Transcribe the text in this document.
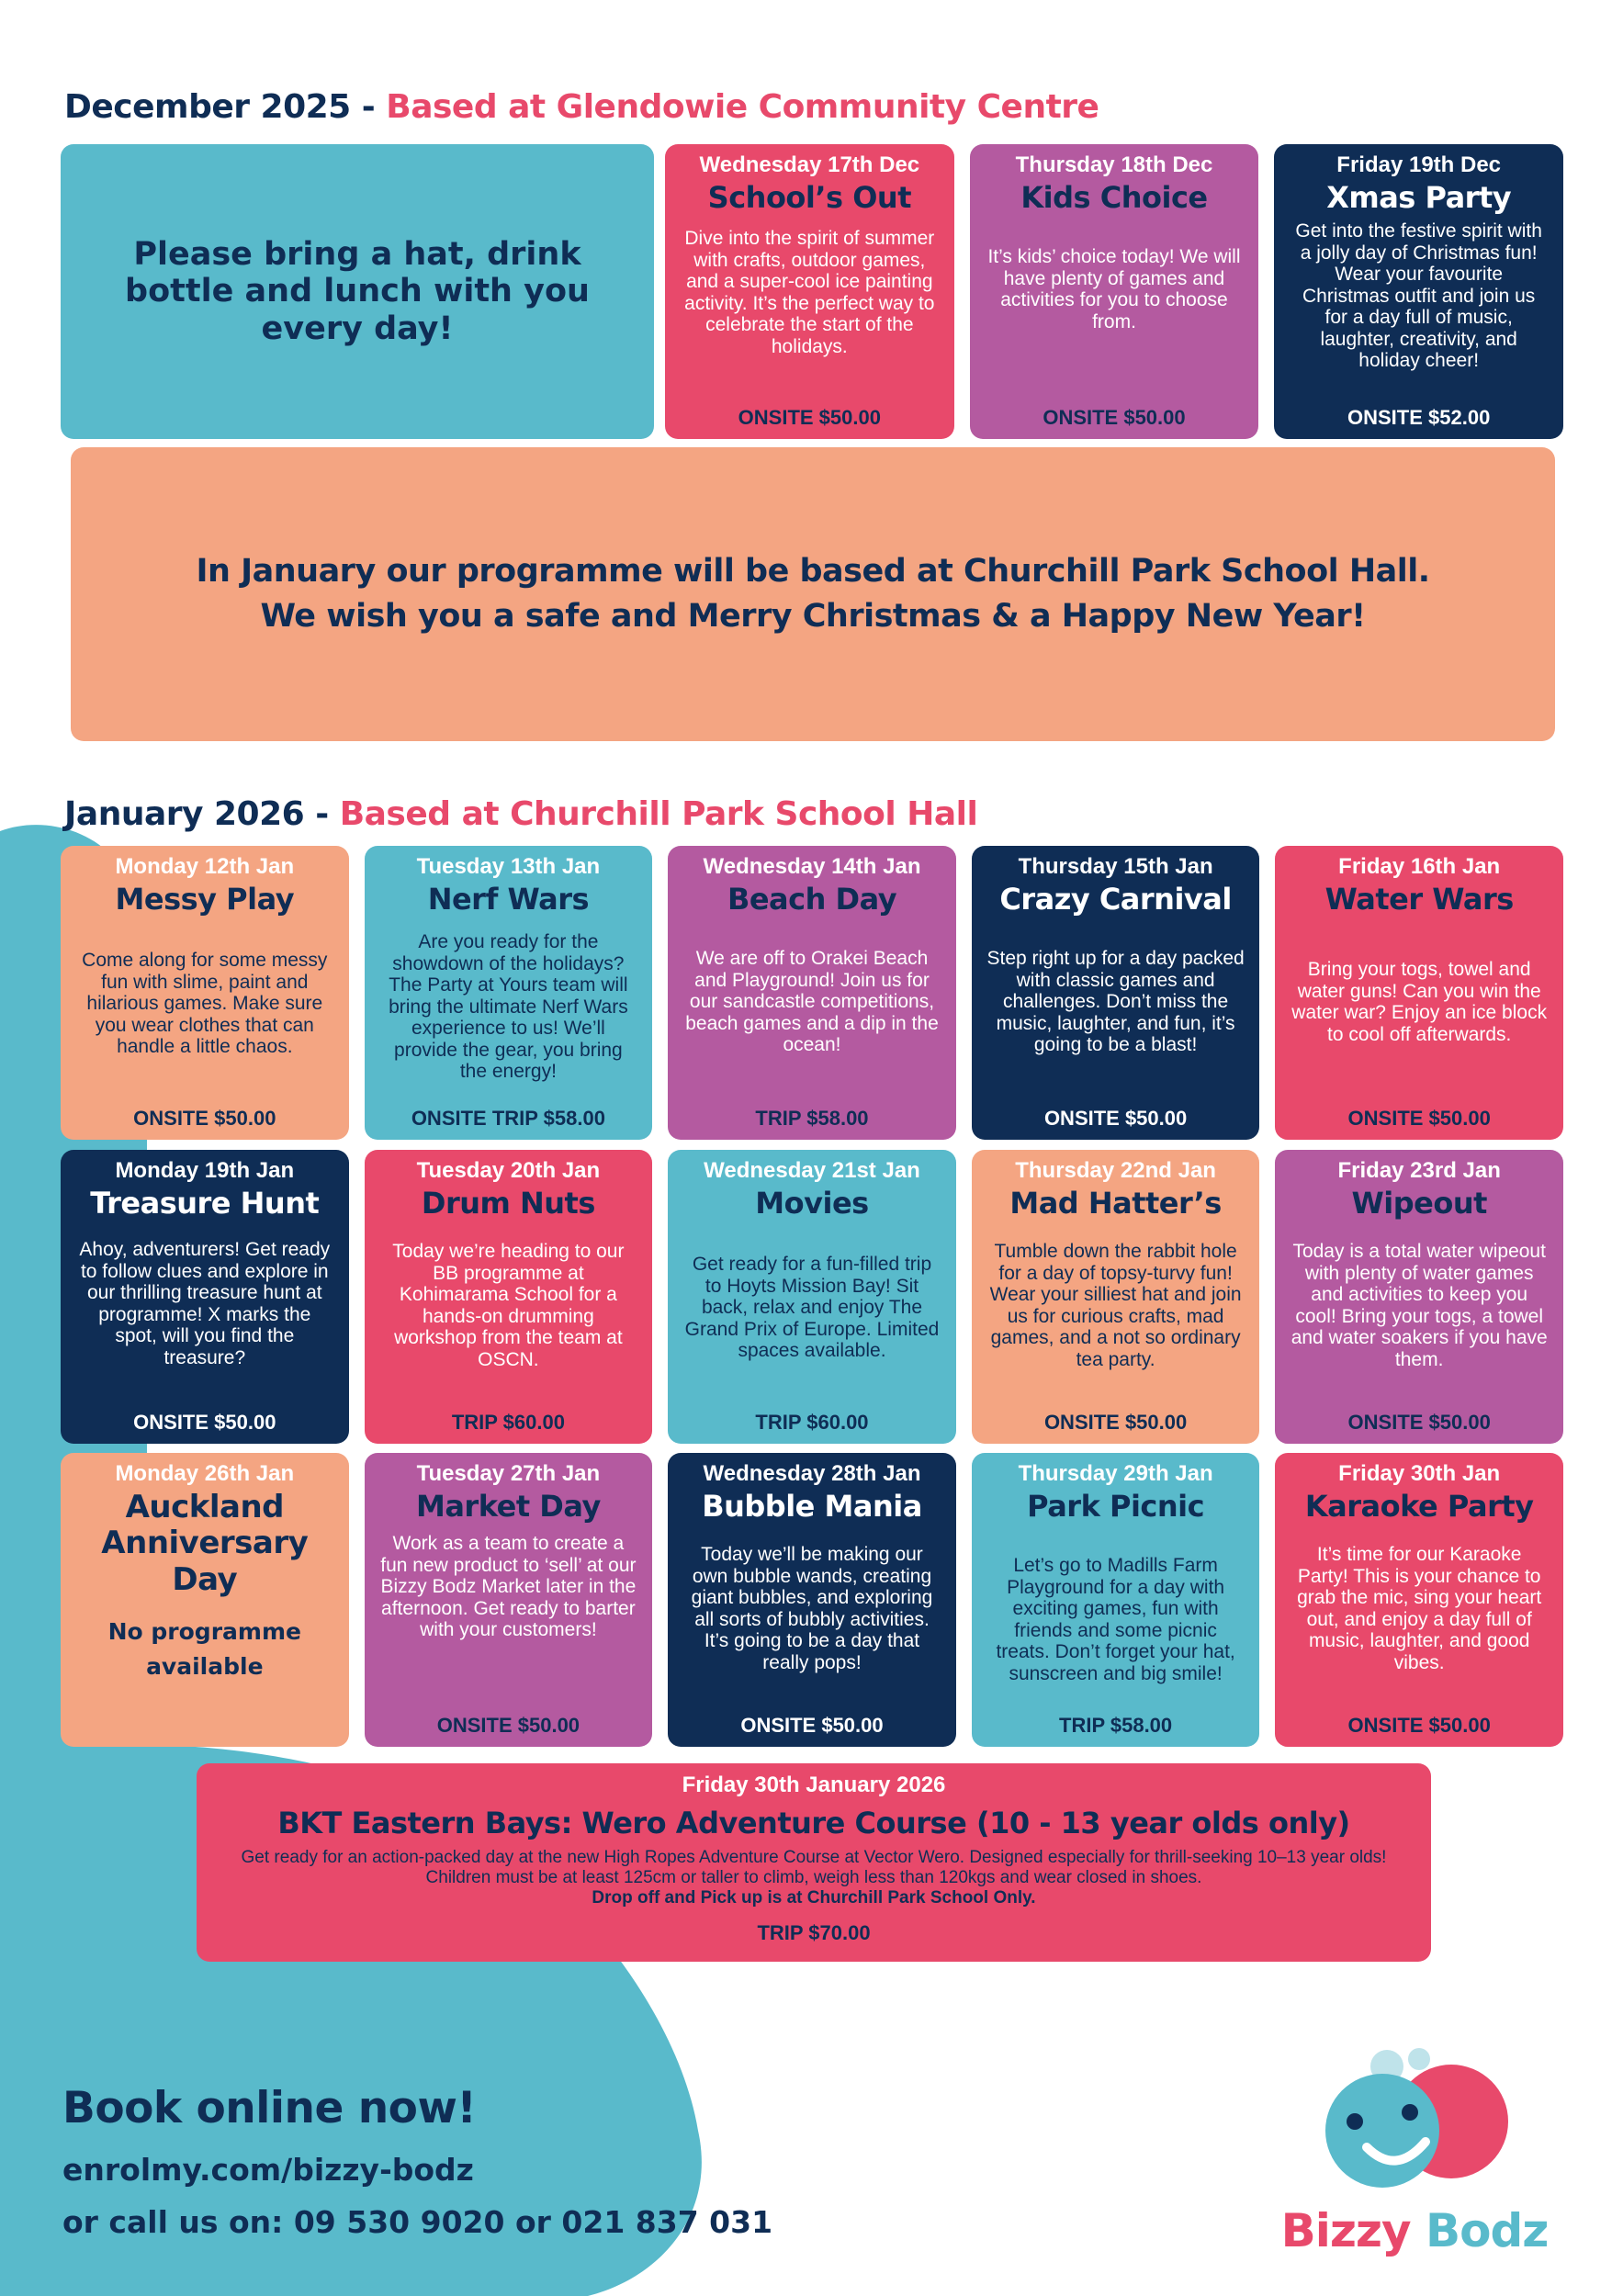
December 2025 - Based at Glendowie Community Centre
Please bring a hat, drink bottle and lunch with you every day!
Wednesday 17th Dec
School’s Out
Dive into the spirit of summer with crafts, outdoor games, and a super-cool ice painting activity. It’s the perfect way to celebrate the start of the holidays.
ONSITE $50.00
Thursday 18th Dec
Kids Choice
It’s kids’ choice today! We will have plenty of games and activities for you to choose from.
ONSITE $50.00
Friday 19th Dec
Xmas Party
Get into the festive spirit with a jolly day of Christmas fun! Wear your favourite Christmas outfit and join us for a day full of music, laughter, creativity, and holiday cheer!
ONSITE $52.00
In January our programme will be based at Churchill Park School Hall.
We wish you a safe and Merry Christmas & a Happy New Year!
January 2026 - Based at Churchill Park School Hall
Monday 12th Jan
Messy Play
Come along for some messy fun with slime, paint and hilarious games. Make sure you wear clothes that can handle a little chaos.
ONSITE $50.00
Tuesday 13th Jan
Nerf Wars
Are you ready for the showdown of the holidays? The Party at Yours team will bring the ultimate Nerf Wars experience to us! We’ll provide the gear, you bring the energy!
ONSITE TRIP $58.00
Wednesday 14th Jan
Beach Day
We are off to Orakei Beach and Playground! Join us for our sandcastle competitions, beach games and a dip in the ocean!
TRIP $58.00
Thursday 15th Jan
Crazy Carnival
Step right up for a day packed with classic games and challenges. Don’t miss the music, laughter, and fun, it’s going to be a blast!
ONSITE $50.00
Friday 16th Jan
Water Wars
Bring your togs, towel and water guns! Can you win the water war? Enjoy an ice block to cool off afterwards.
ONSITE $50.00
Monday 19th Jan
Treasure Hunt
Ahoy, adventurers! Get ready to follow clues and explore in our thrilling treasure hunt at programme! X marks the spot, will you find the treasure?
ONSITE $50.00
Tuesday 20th Jan
Drum Nuts
Today we’re heading to our BB programme at Kohimarama School for a hands-on drumming workshop from the team at OSCN.
TRIP $60.00
Wednesday 21st Jan
Movies
Get ready for a fun-filled trip to Hoyts Mission Bay! Sit back, relax and enjoy The Grand Prix of Europe. Limited spaces available.
TRIP $60.00
Thursday 22nd Jan
Mad Hatter’s
Tumble down the rabbit hole for a day of topsy-turvy fun! Wear your silliest hat and join us for curious crafts, mad games, and a not so ordinary tea party.
ONSITE $50.00
Friday 23rd Jan
Wipeout
Today is a total water wipeout with plenty of water games and activities to keep you cool! Bring your togs, a towel and water soakers if you have them.
ONSITE $50.00
Monday 26th Jan
Auckland Anniversary Day
No programme available
Tuesday 27th Jan
Market Day
Work as a team to create a fun new product to ‘sell’ at our Bizzy Bodz Market later in the afternoon. Get ready to barter with your customers!
ONSITE $50.00
Wednesday 28th Jan
Bubble Mania
Today we’ll be making our own bubble wands, creating giant bubbles, and exploring all sorts of bubbly activities. It’s going to be a day that really pops!
ONSITE $50.00
Thursday 29th Jan
Park Picnic
Let’s go to Madills Farm Playground for a day with exciting games, fun with friends and some picnic treats. Don’t forget your hat, sunscreen and big smile!
TRIP $58.00
Friday 30th Jan
Karaoke Party
It’s time for our Karaoke Party! This is your chance to grab the mic, sing your heart out, and enjoy a day full of music, laughter, and good vibes.
ONSITE $50.00
Friday 30th January 2026
BKT Eastern Bays: Wero Adventure Course (10 - 13 year olds only)
Get ready for an action-packed day at the new High Ropes Adventure Course at Vector Wero. Designed especially for thrill-seeking 10–13 year olds! Children must be at least 125cm or taller to climb, weigh less than 120kgs and wear closed in shoes.
Drop off and Pick up is at Churchill Park School Only.
TRIP $70.00
Book online now!
enrolmy.com/bizzy-bodz
or call us on: 09 530 9020 or 021 837 031	Bizzy Bodz
